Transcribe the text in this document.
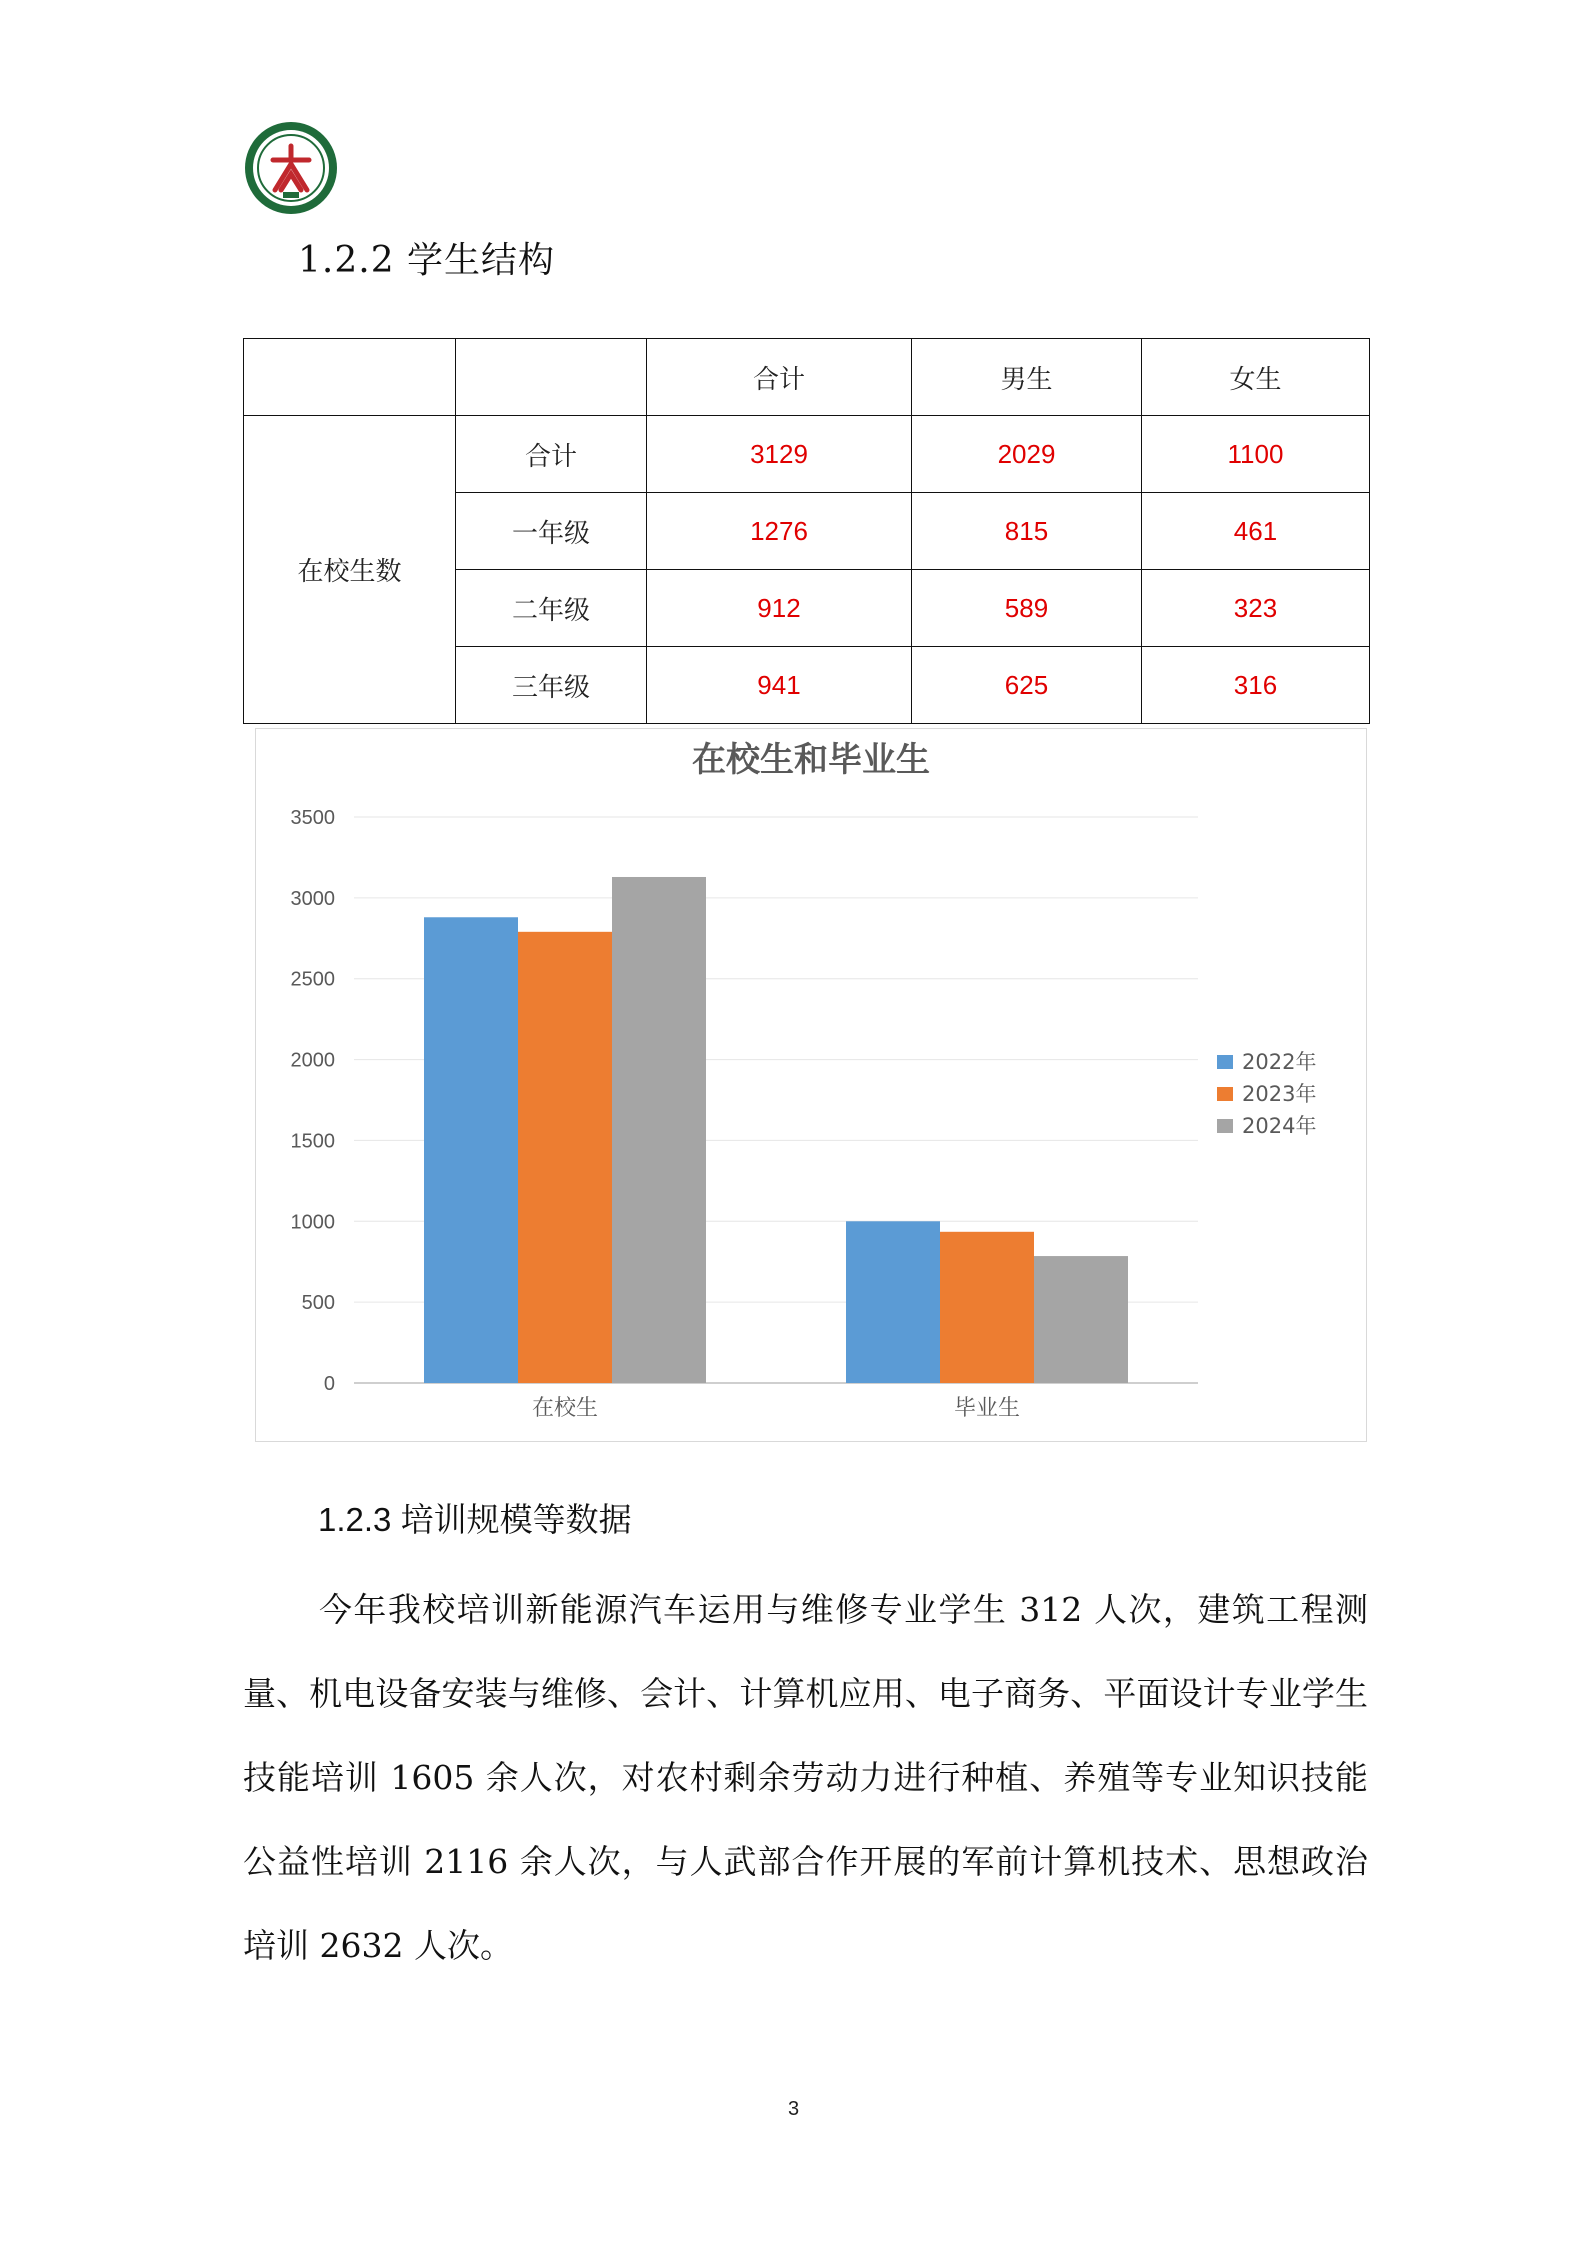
1.2.2 学生结构
		合计	男生	女生
在校生数	合计	3129	2029	1100
	一年级	1276	815	461
	二年级	912	589	323
	三年级	941	625	316
在校生和毕业生
0
500
1000
1500
2000
2500
3000
3500
在校生	毕业生
2022年
2023年
2024年
1.2.3 培训规模等数据
今年我校培训新能源汽车运用与维修专业学生 312 人次，建筑工程测量、机电设备安装与维修、会计、计算机应用、电子商务、平面设计专业学生技能培训 1605 余人次，对农村剩余劳动力进行种植、养殖等专业知识技能公益性培训 2116 余人次，与人武部合作开展的军前计算机技术、思想政治培训 2632 人次。
3
